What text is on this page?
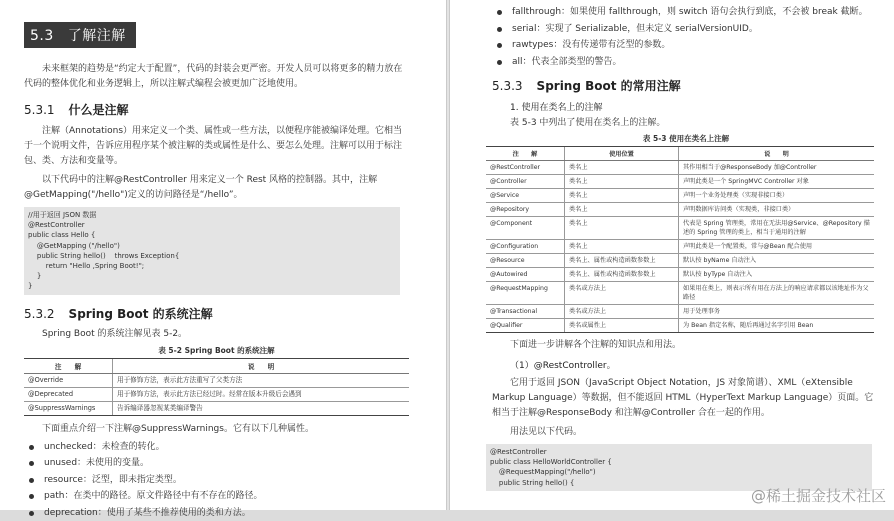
5.3 了解注解

未来框架的趋势是“约定大于配置”，代码的封装会更严密。开发人员可以将更多的精力放在代码的整体优化和业务逻辑上，所以注解式编程会被更加广泛地使用。

5.3.1 什么是注解

注解（Annotations）用来定义一个类、属性或一些方法，以便程序能被编译处理。它相当于一个说明文件，告诉应用程序某个被注解的类或属性是什么、要怎么处理。注解可以用于标注包、类、方法和变量等。

以下代码中的注解@RestController 用来定义一个 Rest 风格的控制器。其中，注解@GetMapping("/hello")定义的访问路径是“/hello”。

//用于返回 JSON 数据
@RestController
public class Hello {
@GetMapping ("/hello")
public String hello()    throws Exception{
return "Hello ,Spring Boot!";
}
}
5.3.2 Spring Boot 的系统注解

Spring Boot 的系统注解见表 5-2。

表 5-2 Spring Boot 的系统注解
注　　解	说　　明
@Override	用于修饰方法，表示此方法重写了父类方法
@Deprecated	用于修饰方法，表示此方法已经过时。经常在版本升级后会遇到
@SuppressWarnings	告诉编译器忽视某类编译警告

下面重点介绍一下注解@SuppressWarnings。它有以下几种属性。

unchecked：未检查的转化。
unused：未使用的变量。
resource：泛型，即未指定类型。
path：在类中的路径。原文件路径中有不存在的路径。
deprecation：使用了某些不推荐使用的类和方法。
fallthrough：如果使用 fallthrough，则 switch 语句会执行到底，不会被 break 截断。
serial：实现了 Serializable，但未定义 serialVersionUID。
rawtypes：没有传递带有泛型的参数。
all：代表全部类型的警告。
5.3.3 Spring Boot 的常用注解
1. 使用在类名上的注解

表 5-3 中列出了使用在类名上的注解。

表 5-3 使用在类名上注解
注　　解	使用位置	说　　明
@RestController	类名上	其作用相当于@ResponseBody 加@Controller
@Controller	类名上	声明此类是一个 SpringMVC Controller 对象
@Service	类名上	声明一个业务处理类（实现非接口类）
@Repository	类名上	声明数据库访问类（实现类，非接口类）
@Component	类名上	代表是 Spring 管理类，常用在无法用@Service、@Repository 描述的 Spring 管理的类上，相当于通用的注解
@Configuration	类名上	声明此类是一个配置类，常与@Bean 配合使用
@Resource	类名上、属性或构造函数参数上	默认按 byName 自动注入
@Autowired	类名上、属性或构造函数参数上	默认按 byType 自动注入
@RequestMapping	类名或方法上	如果用在类上，则表示所有用在方法上的响应请求都以该地址作为父路径
@Transactional	类名或方法上	用于处理事务
@Qualifier	类名或属性上	为 Bean 指定名称，随后再通过名字引用 Bean

下面进一步讲解各个注解的知识点和用法。

（1）@RestController。

它用于返回 JSON（JavaScript Object Notation，JS 对象简谱）、XML（eXtensible Markup Language）等数据，但不能返回 HTML（HyperText Markup Language）页面。它相当于注解@ResponseBody 和注解@Controller 合在一起的作用。

用法见以下代码。

@RestController
public class HelloWorldController {
@RequestMapping("/hello")
public String hello() {
@稀土掘金技术社区
